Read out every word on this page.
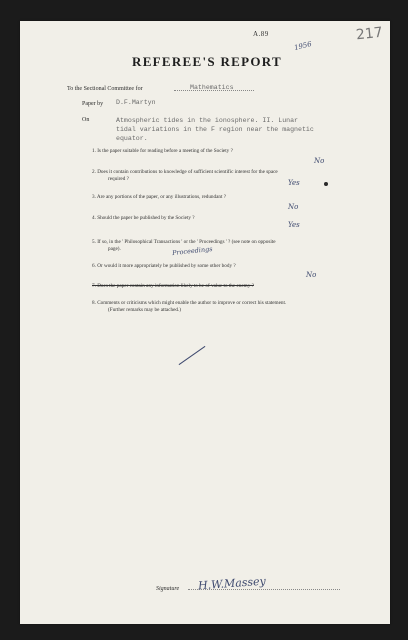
A.89	217
1956
REFEREE'S REPORT
To the Sectional Committee for	Mathematics
Paper by D.F.Martyn
On	Atmospheric tides in the ionosphere. II. Lunar
tidal variations in the F region near the magnetic
equator.
1. Is the paper suitable for reading before a meeting of the Society ?
No
2. Does it contain contributions to knowledge of sufficient scientific interest for the space
required ?	Yes
3. Are any portions of the paper, or any illustrations, redundant ?
No
4. Should the paper be published by the Society ?
Yes
5. If so, in the ' Philosophical Transactions ' or the ' Proceedings ' ? (see note on opposite
page).	Proceedings
6. Or would it more appropriately be published by some other body ?
No
7. Does the paper contain any information likely to be of value to the enemy ?
8. Comments or criticisms which might enable the author to improve or correct his statement.
(Further remarks may be attached.)
Signature H.W.Massey
